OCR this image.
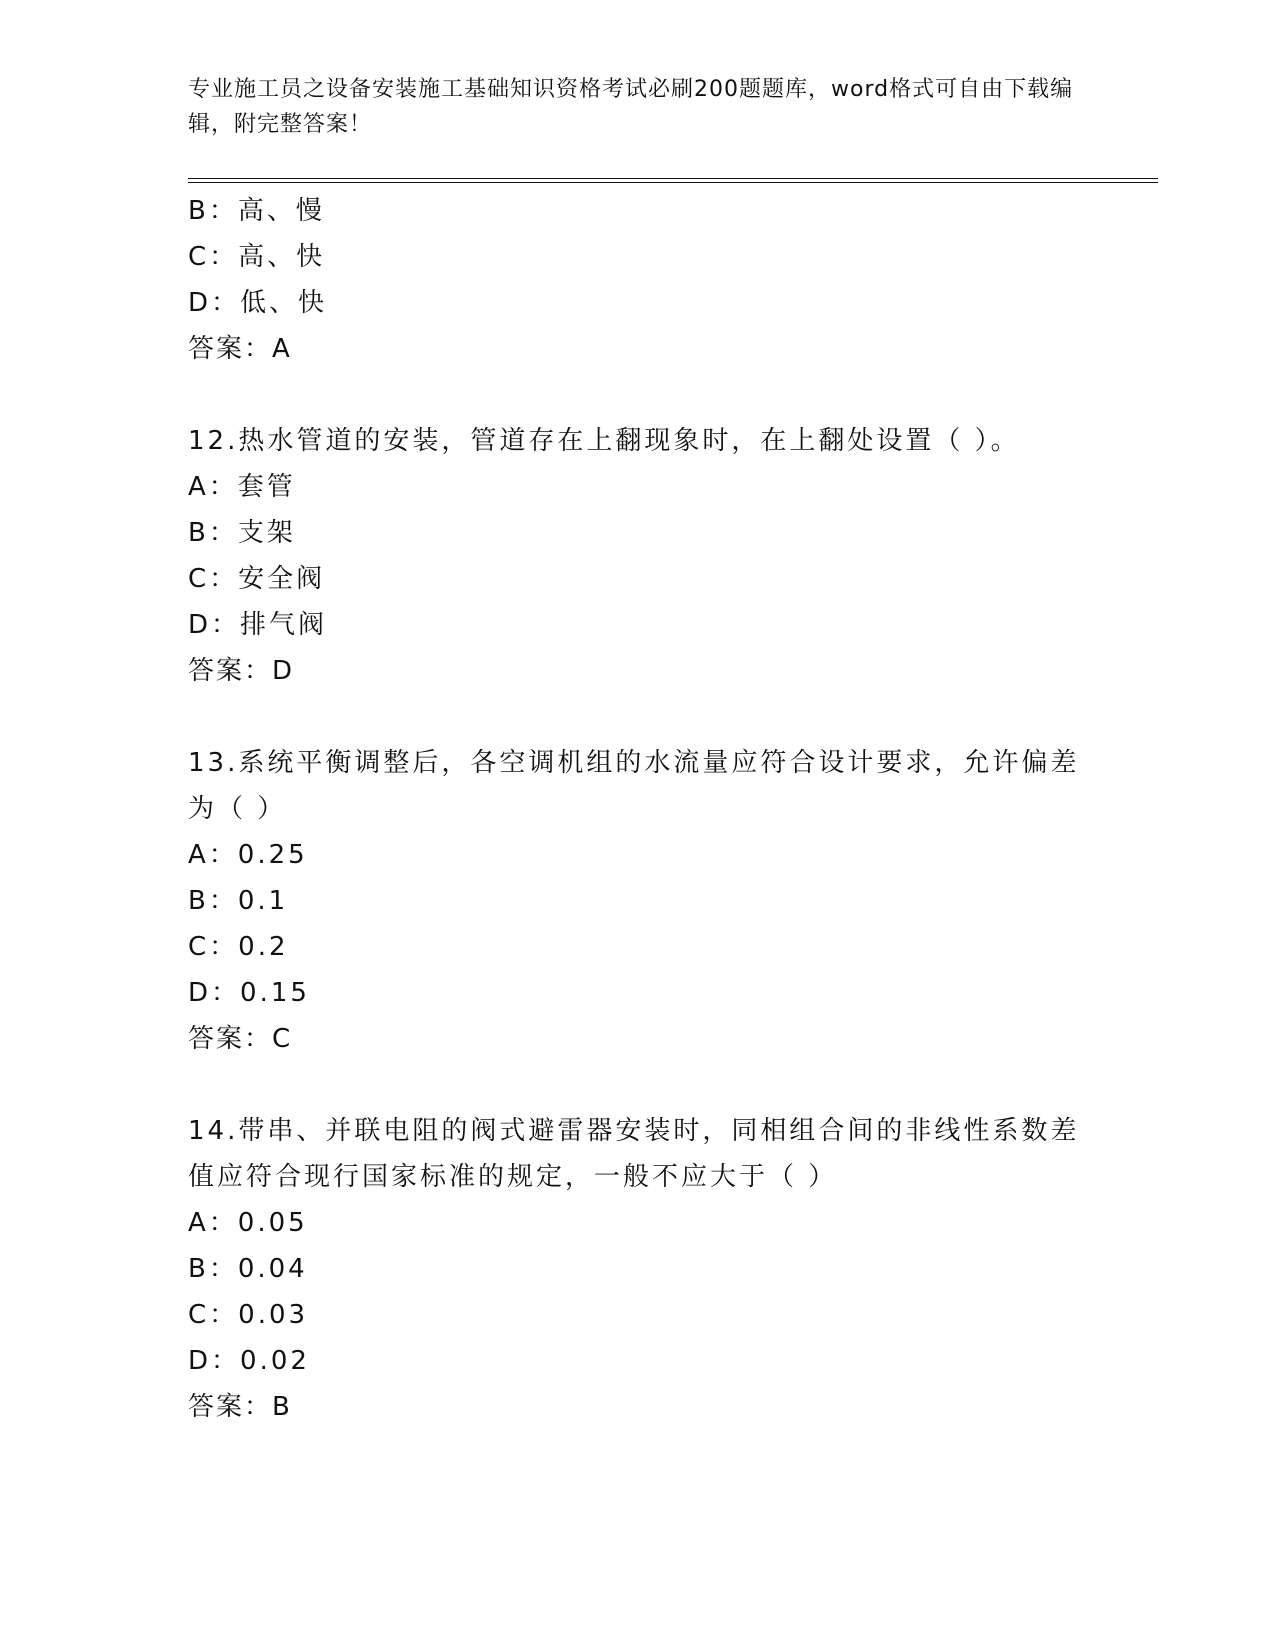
专业施工员之设备安装施工基础知识资格考试必刷200题题库，word格式可自由下载编辑，附完整答案！
B：高、慢
C：高、快
D：低、快
答案：A
12.热水管道的安装，管道存在上翻现象时，在上翻处设置（ ）。
A：套管
B：支架
C：安全阀
D：排气阀
答案：D
13.系统平衡调整后，各空调机组的水流量应符合设计要求，允许偏差为（ ）
A：0.25
B：0.1
C：0.2
D：0.15
答案：C
14.带串、并联电阻的阀式避雷器安装时，同相组合间的非线性系数差值应符合现行国家标准的规定，一般不应大于（ ）
A：0.05
B：0.04
C：0.03
D：0.02
答案：B
